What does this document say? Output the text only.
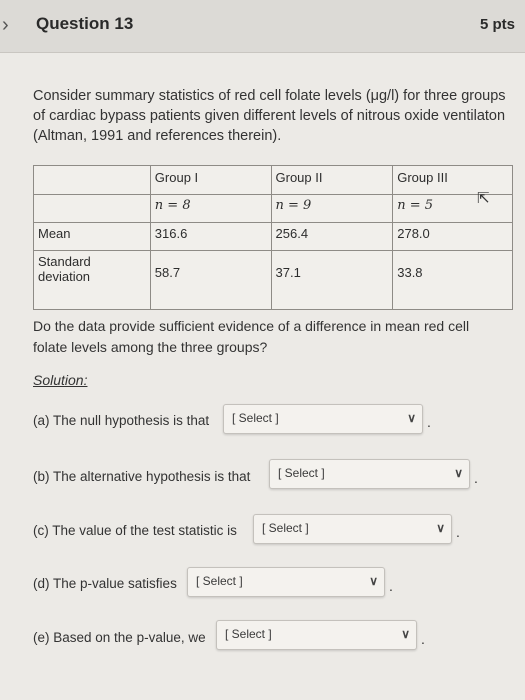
› Question 13	5 pts
Consider summary statistics of red cell folate levels (μg/l) for three groups of cardiac bypass patients given different levels of nitrous oxide ventilaton (Altman, 1991 and references therein).
	Group I	Group II	Group III
	n = 8	n = 9	n = 5
Mean	316.6	256.4	278.0
Standard deviation	58.7	37.1	33.8
⇱
Do the data provide sufficient evidence of a difference in mean red cell folate levels among the three groups?
Solution:
(a) The null hypothesis is that [ Select ]	∨ .
(b) The alternative hypothesis is that [ Select ]	∨ .
(c) The value of the test statistic is [ Select ]	∨ .
(d) The p-value satisfies [ Select ]	∨ .
(e) Based on the p-value, we [ Select ]	∨ .
